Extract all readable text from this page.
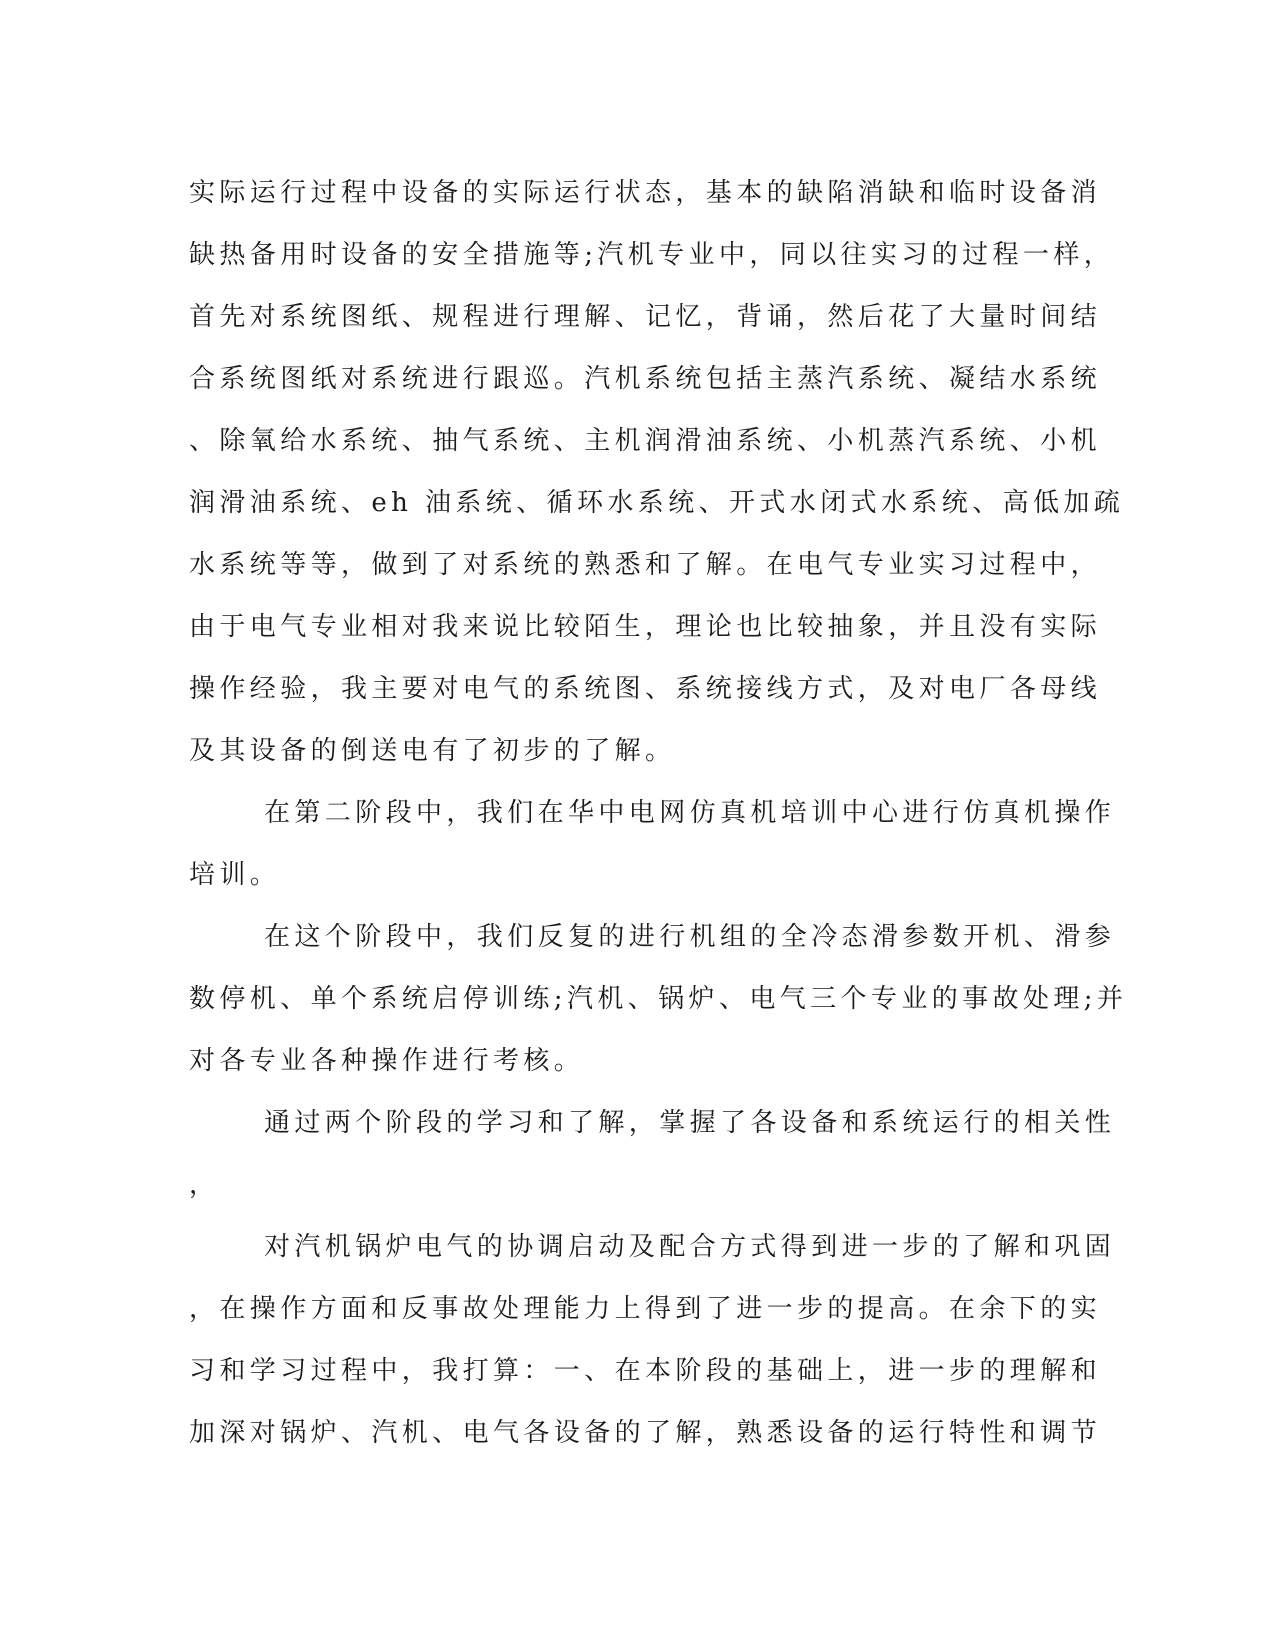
实际运行过程中设备的实际运行状态，基本的缺陷消缺和临时设备消
缺热备用时设备的安全措施等;汽机专业中，同以往实习的过程一样，
首先对系统图纸、规程进行理解、记忆，背诵，然后花了大量时间结
合系统图纸对系统进行跟巡。汽机系统包括主蒸汽系统、凝结水系统
、除氧给水系统、抽气系统、主机润滑油系统、小机蒸汽系统、小机
润滑油系统、eh 油系统、循环水系统、开式水闭式水系统、高低加疏
水系统等等，做到了对系统的熟悉和了解。在电气专业实习过程中，
由于电气专业相对我来说比较陌生，理论也比较抽象，并且没有实际
操作经验，我主要对电气的系统图、系统接线方式，及对电厂各母线
及其设备的倒送电有了初步的了解。
在第二阶段中，我们在华中电网仿真机培训中心进行仿真机操作
培训。
在这个阶段中，我们反复的进行机组的全冷态滑参数开机、滑参
数停机、单个系统启停训练;汽机、锅炉、电气三个专业的事故处理;并
对各专业各种操作进行考核。
通过两个阶段的学习和了解，掌握了各设备和系统运行的相关性
，
对汽机锅炉电气的协调启动及配合方式得到进一步的了解和巩固
，在操作方面和反事故处理能力上得到了进一步的提高。在余下的实
习和学习过程中，我打算：一、在本阶段的基础上，进一步的理解和
加深对锅炉、汽机、电气各设备的了解，熟悉设备的运行特性和调节
